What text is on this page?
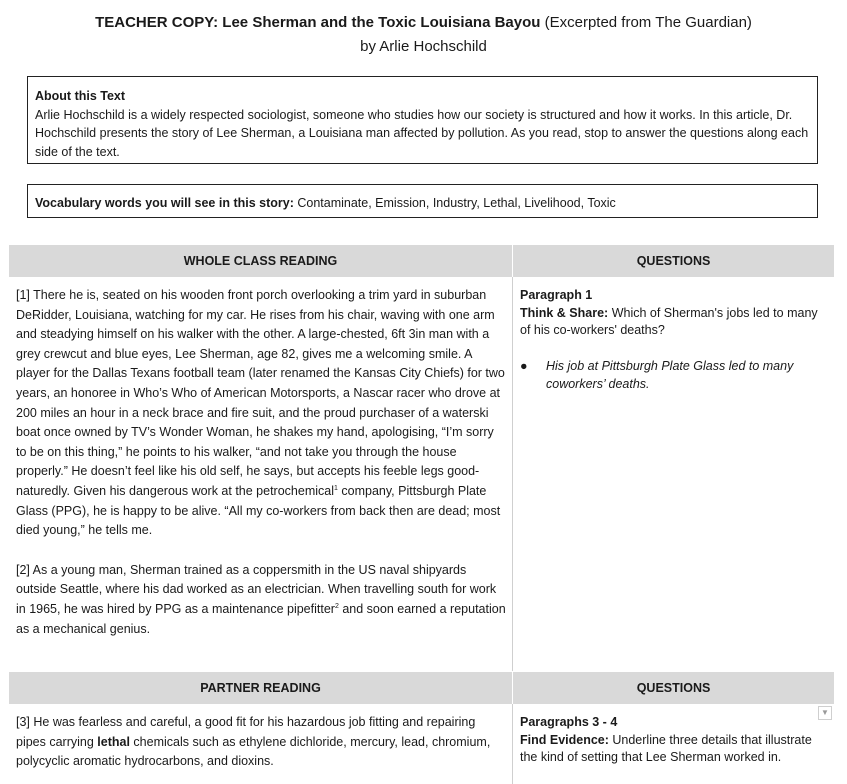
TEACHER COPY: Lee Sherman and the Toxic Louisiana Bayou (Excerpted from The Guardian)
by Arlie Hochschild
About this Text
Arlie Hochschild is a widely respected sociologist, someone who studies how our society is structured and how it works. In this article, Dr. Hochschild presents the story of Lee Sherman, a Louisiana man affected by pollution. As you read, stop to answer the questions along each side of the text.
Vocabulary words you will see in this story: Contaminate, Emission, Industry, Lethal, Livelihood, Toxic
WHOLE CLASS READING	QUESTIONS

[1] There he is, seated on his wooden front porch overlooking a trim yard in suburban DeRidder, Louisiana, watching for my car. He rises from his chair, waving with one arm and steadying himself on his walker with the other. A large-chested, 6ft 3in man with a grey crewcut and blue eyes, Lee Sherman, age 82, gives me a welcoming smile. A player for the Dallas Texans football team (later renamed the Kansas City Chiefs) for two years, an honoree in Who’s Who of American Motorsports, a Nascar racer who drove at 200 miles an hour in a neck brace and fire suit, and the proud purchaser of a waterski boat once owned by TV’s Wonder Woman, he shakes my hand, apologising, “I’m sorry to be on this thing,” he points to his walker, “and not take you through the house properly.” He doesn’t feel like his old self, he says, but accepts his feeble legs good-naturedly. Given his dangerous work at the petrochemical$^1$ company, Pittsburgh Plate Glass (PPG), he is happy to be alive. “All my co-workers from back then are dead; most died young,” he tells me.

[2] As a young man, Sherman trained as a coppersmith in the US naval shipyards outside Seattle, where his dad worked as an electrician. When travelling south for work in 1965, he was hired by PPG as a maintenance pipefitter$^2$ and soon earned a reputation as a mechanical genius.

Paragraph 1
Think & Share: Which of Sherman's jobs led to many of his co-workers' deaths?
● His job at Pittsburgh Plate Glass led to many coworkers’ deaths.
PARTNER READING	QUESTIONS

[3] He was fearless and careful, a good fit for his hazardous job fitting and repairing pipes carrying lethal chemicals such as ethylene dichloride, mercury, lead, chromium, polycyclic aromatic hydrocarbons, and dioxins.

Paragraphs 3 - 4
Find Evidence: Underline three details that illustrate the kind of setting that Lee Sherman worked in.
▼
